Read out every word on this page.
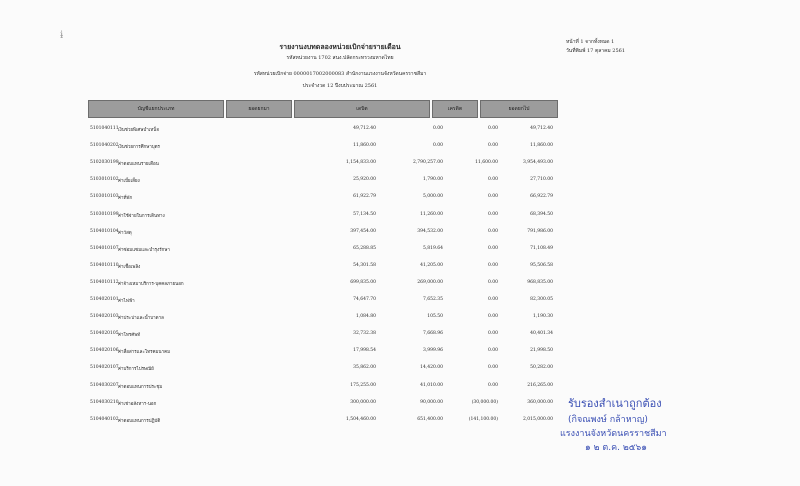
ɨ
รายงานงบทดลองหน่วยเบิกจ่ายรายเดือน
รหัสหน่วยงาน 1702 สนง.ปลัดกระทรวงมหาดไทย
รหัสหน่วยเบิกจ่าย 0000017002000083 สำนักงานแรงงานจังหวัดนครราชสีมา
ประจำงวด 12 ปีงบประมาณ 2561
หน้าที่ 1 จากทั้งหมด 1
วันที่พิมพ์ 17 ตุลาคม 2561
บัญชีแยกประเภท	ยอดยกมา	เดบิต	เครดิต	ยอดยกไป
5101040111 เงินช่วยพิเศษบำเหน็จ	49,712.40	0.00	0.00	49,712.40
5101040202 เงินช่วยการศึกษาบุตร	11,860.00	0.00	0.00	11,860.00
5102030199 ค่าตอบแทนรายเดือน	1,154,833.00	2,790,257.00	11,600.00	3,954,493.00
5103010102 ค่าเบี้ยเลี้ยง	25,920.00	1,790.00	0.00	27,710.00
5103010103 ค่าที่พัก	61,922.79	5,000.00	0.00	66,922.79
5103010199 ค่าใช้จ่ายในการเดินทาง	57,134.50	11,260.00	0.00	68,394.50
5104010104 ค่าวัสดุ	397,454.00	394,532.00	0.00	791,986.00
5104010107 ค่าซ่อมแซมและบำรุงรักษา	65,288.85	5,819.64	0.00	71,108.49
5104010110 ค่าเชื้อเพลิง	54,301.58	41,205.00	0.00	95,506.58
5104010112 ค่าจ้างเหมาบริการ-บุคคลภายนอก	699,835.00	269,000.00	0.00	968,835.00
5104020101 ค่าไฟฟ้า	74,647.70	7,652.35	0.00	82,300.05
5104020103 ค่าประปาและน้ำบาดาล	1,084.80	105.50	0.00	1,190.30
5104020105 ค่าโทรศัพท์	32,732.38	7,668.96	0.00	40,401.34
5104020106 ค่าสื่อสารและโทรคมนาคม	17,998.54	3,999.96	0.00	21,998.50
5104020107 ค่าบริการไปรษณีย์	35,862.00	14,420.00	0.00	50,282.00
5104030207 ค่าตอบแทนการประชุม	175,255.00	41,010.00	0.00	216,265.00
5104030210 ค่าเช่าอสังหาฯ-นอก	300,000.00	90,000.00	(30,000.00)	360,000.00
5104040102 ค่าตอบแทนการปฏิบัติ	1,504,460.00	651,400.00	(141,100.00)	2,015,000.00
รับรองสำเนาถูกต้อง
(กิจณพงษ์ กล้าหาญ)
แรงงานจังหวัดนครราชสีมา
๑ ๒ ต.ค. ๒๕๖๑
